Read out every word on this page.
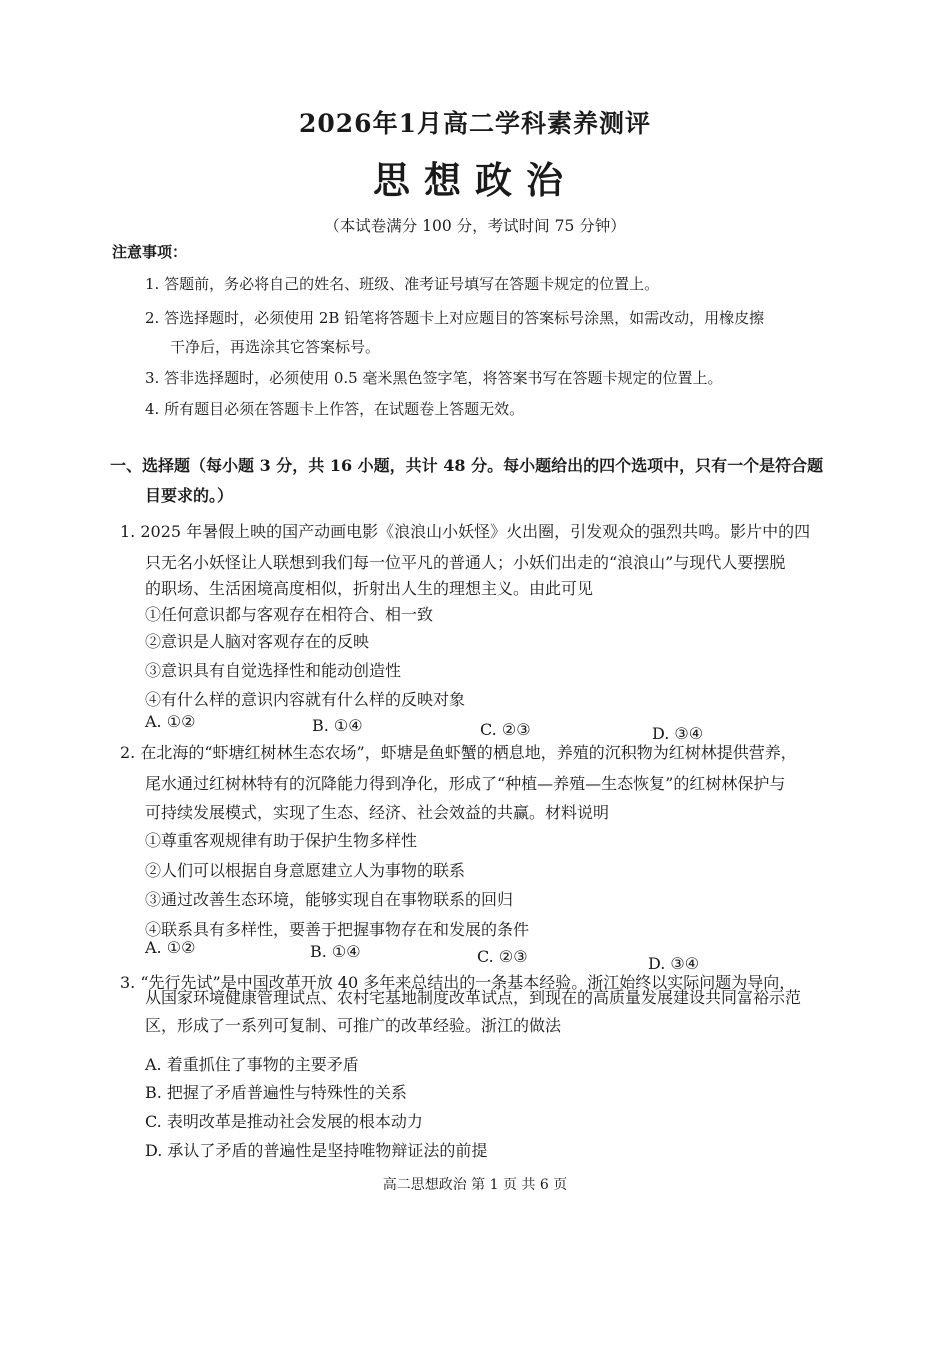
2026年1月高二学科素养测评
思想政治
（本试卷满分 100 分，考试时间 75 分钟）
注意事项：
1. 答题前，务必将自己的姓名、班级、准考证号填写在答题卡规定的位置上。
2. 答选择题时，必须使用 2B 铅笔将答题卡上对应题目的答案标号涂黑，如需改动，用橡皮擦
干净后，再选涂其它答案标号。
3. 答非选择题时，必须使用 0.5 毫米黑色签字笔，将答案书写在答题卡规定的位置上。
4. 所有题目必须在答题卡上作答，在试题卷上答题无效。
一、选择题（每小题 3 分，共 16 小题，共计 48 分。每小题给出的四个选项中，只有一个是符合题
目要求的。）
1. 2025 年暑假上映的国产动画电影《浪浪山小妖怪》火出圈，引发观众的强烈共鸣。影片中的四
只无名小妖怪让人联想到我们每一位平凡的普通人；小妖们出走的“浪浪山”与现代人要摆脱
的职场、生活困境高度相似，折射出人生的理想主义。由此可见
①任何意识都与客观存在相符合、相一致
②意识是人脑对客观存在的反映
③意识具有自觉选择性和能动创造性
④有什么样的意识内容就有什么样的反映对象
A. ①②	B. ①④	C. ②③	D. ③④
2. 在北海的“虾塘红树林生态农场”，虾塘是鱼虾蟹的栖息地，养殖的沉积物为红树林提供营养，
尾水通过红树林特有的沉降能力得到净化，形成了“种植—养殖—生态恢复”的红树林保护与
可持续发展模式，实现了生态、经济、社会效益的共赢。材料说明
①尊重客观规律有助于保护生物多样性
②人们可以根据自身意愿建立人为事物的联系
③通过改善生态环境，能够实现自在事物联系的回归
④联系具有多样性，要善于把握事物存在和发展的条件
A. ①②	B. ①④	C. ②③	D. ③④
3. “先行先试”是中国改革开放 40 多年来总结出的一条基本经验。浙江始终以实际问题为导向，
从国家环境健康管理试点、农村宅基地制度改革试点，到现在的高质量发展建设共同富裕示范
区，形成了一系列可复制、可推广的改革经验。浙江的做法
A. 着重抓住了事物的主要矛盾
B. 把握了矛盾普遍性与特殊性的关系
C. 表明改革是推动社会发展的根本动力
D. 承认了矛盾的普遍性是坚持唯物辩证法的前提
高二思想政治 第 1 页 共 6 页
